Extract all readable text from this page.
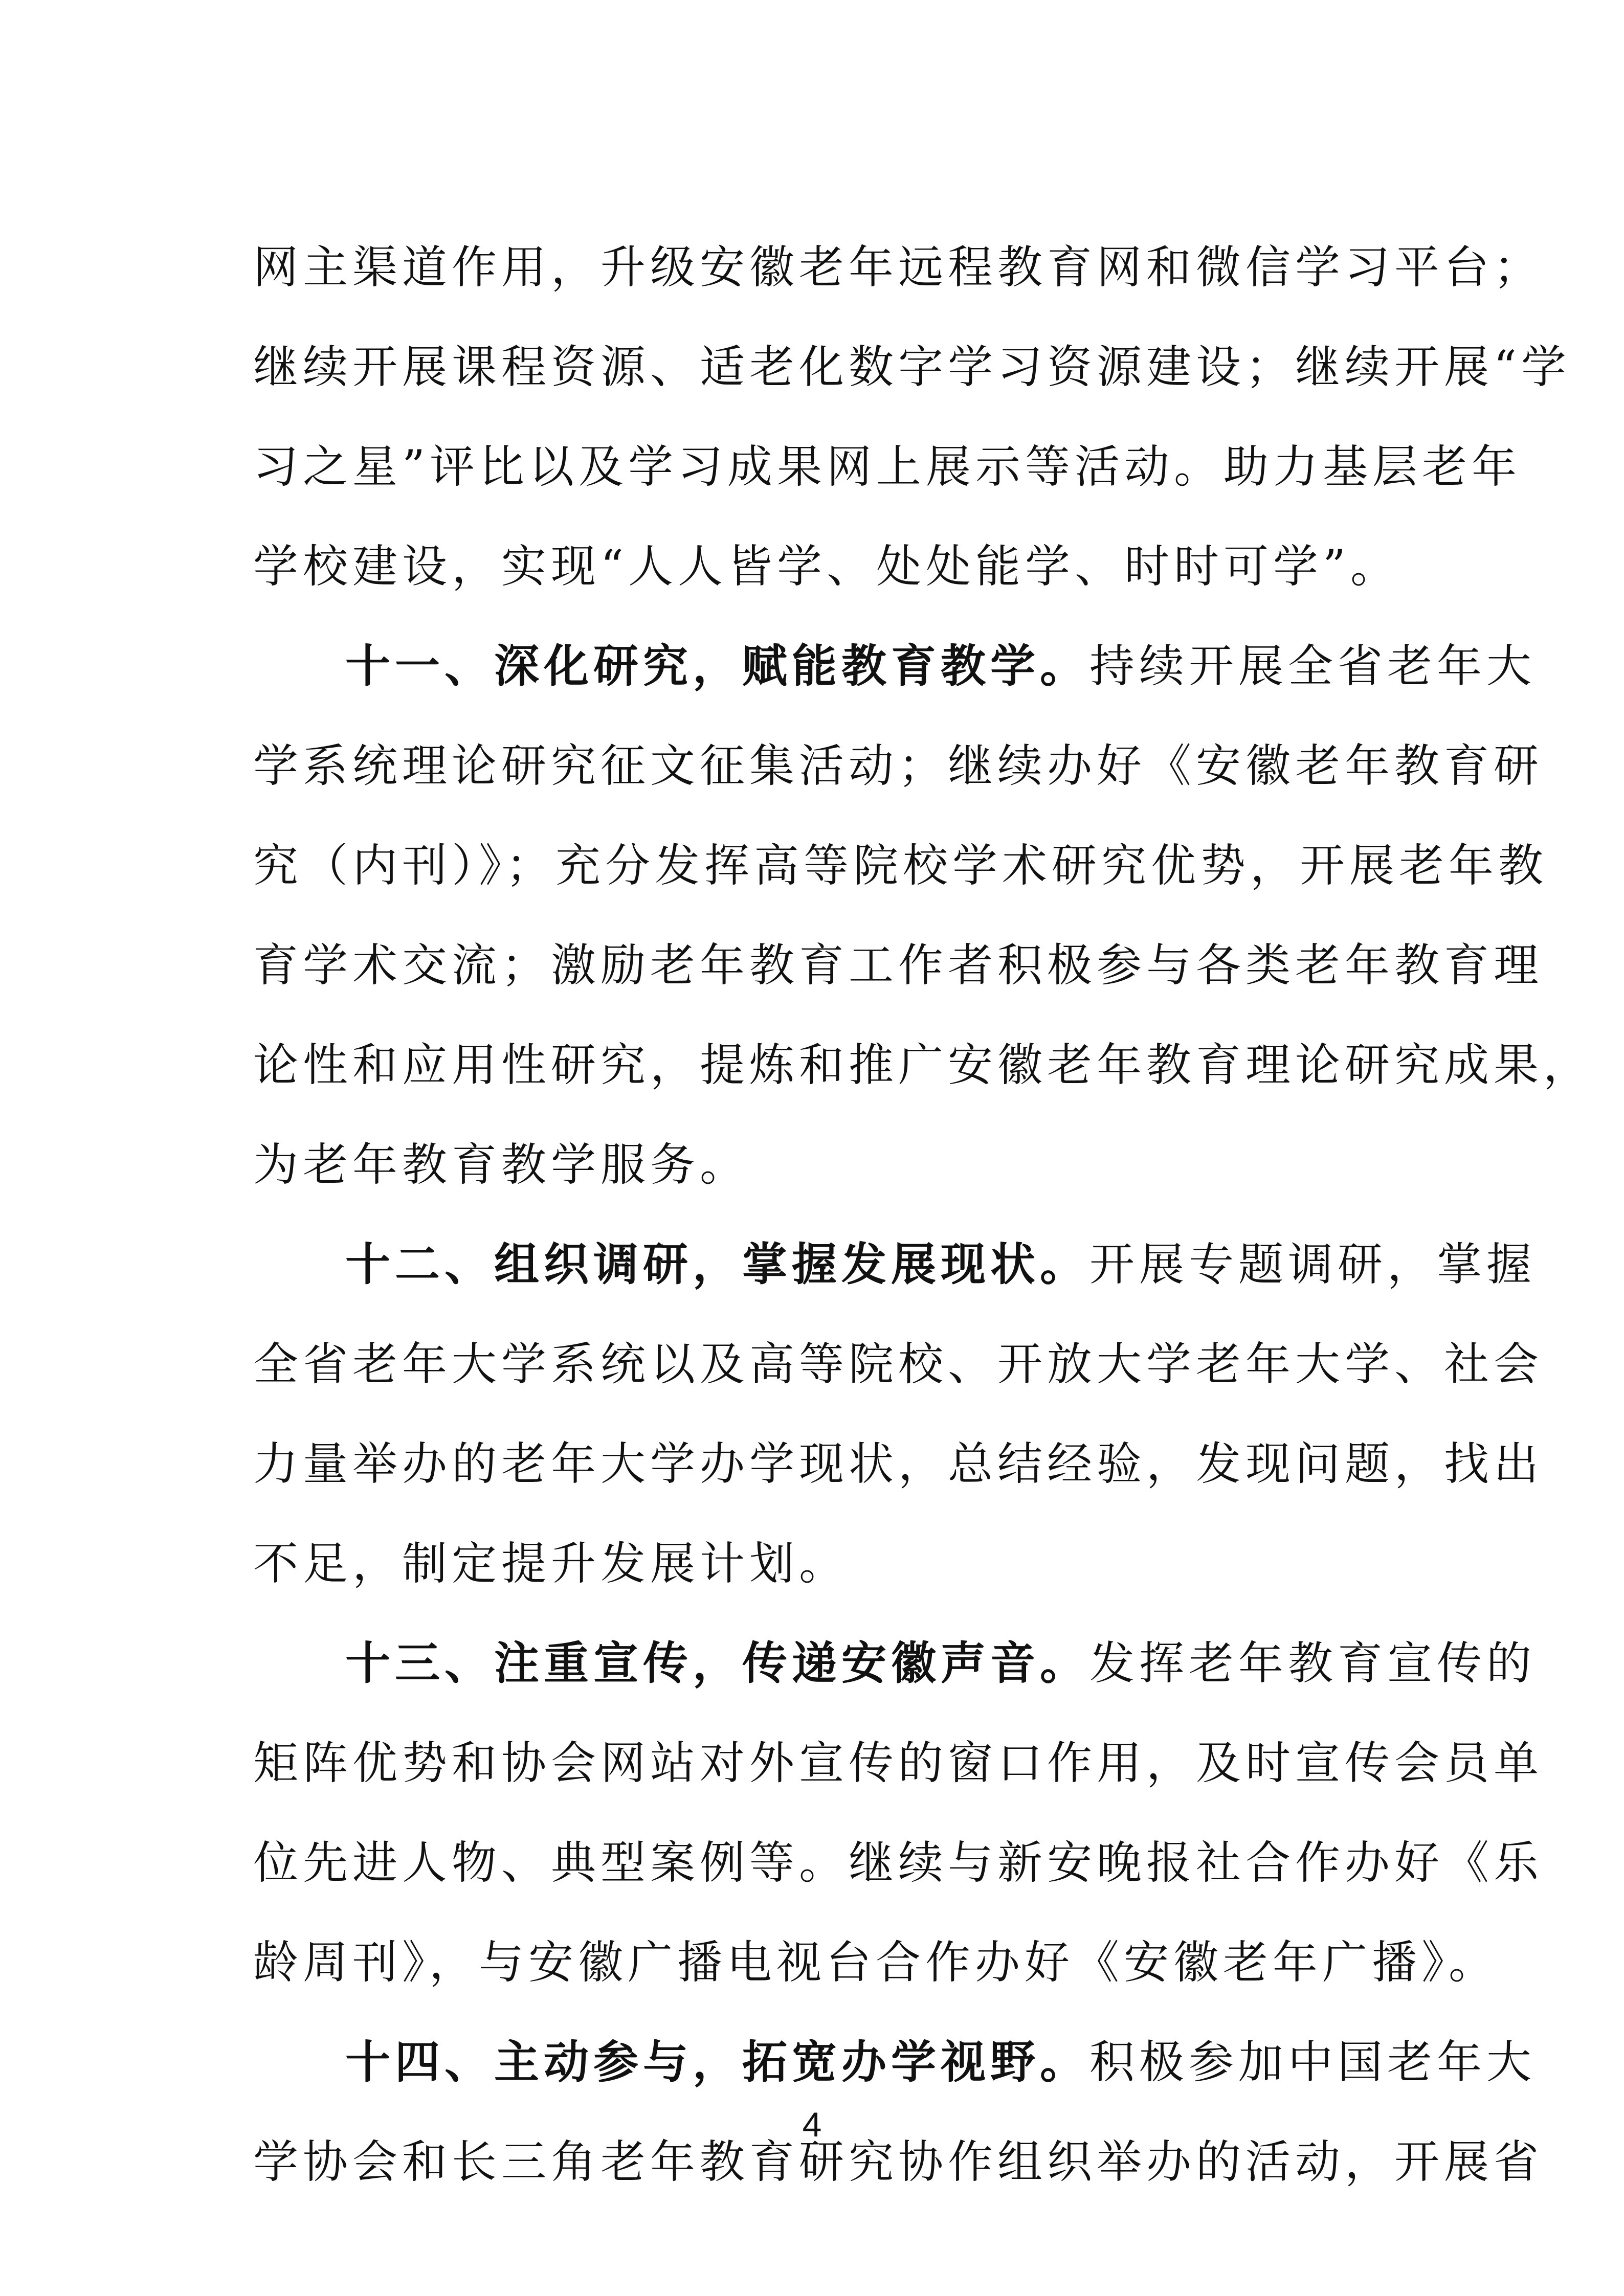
网主渠道作用，升级安徽老年远程教育网和微信学习平台；
继续开展课程资源、适老化数字学习资源建设；继续开展“学
习之星”评比以及学习成果网上展示等活动。助力基层老年
学校建设，实现“人人皆学、处处能学、时时可学”。
十一、深化研究，赋能教育教学。持续开展全省老年大
学系统理论研究征文征集活动；继续办好《安徽老年教育研
究（内刊）》；充分发挥高等院校学术研究优势，开展老年教
育学术交流；激励老年教育工作者积极参与各类老年教育理
论性和应用性研究，提炼和推广安徽老年教育理论研究成果，
为老年教育教学服务。
十二、组织调研，掌握发展现状。开展专题调研，掌握
全省老年大学系统以及高等院校、开放大学老年大学、社会
力量举办的老年大学办学现状，总结经验，发现问题，找出
不足，制定提升发展计划。
十三、注重宣传，传递安徽声音。发挥老年教育宣传的
矩阵优势和协会网站对外宣传的窗口作用，及时宣传会员单
位先进人物、典型案例等。继续与新安晚报社合作办好《乐
龄周刊》，与安徽广播电视台合作办好《安徽老年广播》。
十四、主动参与，拓宽办学视野。积极参加中国老年大
学协会和长三角老年教育研究协作组织举办的活动，开展省
4
